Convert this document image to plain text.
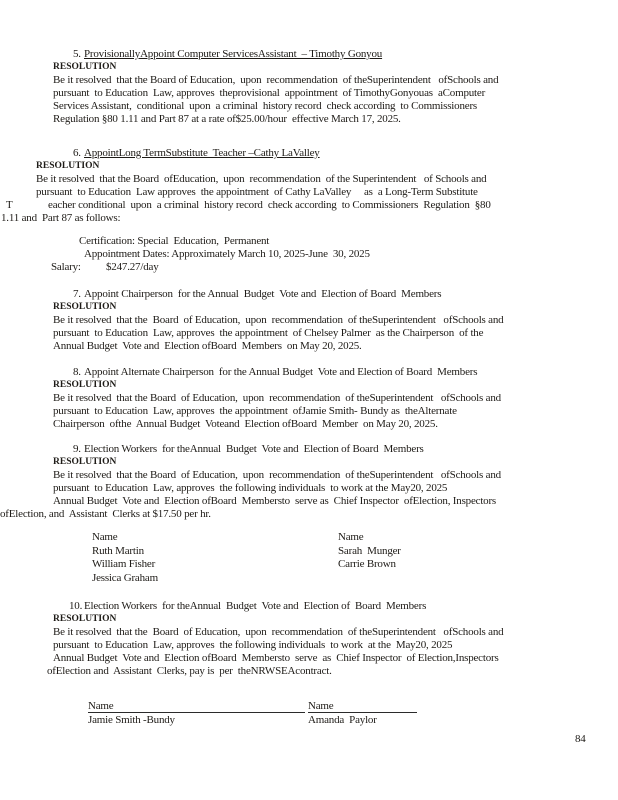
5. ProvisionallyAppoint Computer ServicesAssistant  – Timothy Gonyou
RESOLUTION
Be it resolved  that the Board of Education,  upon  recommendation  of theSuperintendent   ofSchools and
pursuant  to Education  Law, approves  theprovisional  appointment  of TimothyGonyouas  aComputer
Services Assistant,  conditional  upon  a criminal  history record  check according  to Commissioners
Regulation §80 1.11 and Part 87 at a rate of$25.00/hour  effective March 17, 2025.
6. AppointLong TermSubstitute  Teacher –Cathy LaValley
RESOLUTION
Be it resolved  that the Board  ofEducation,  upon  recommendation  of the Superintendent   of Schools and
pursuant  to Education  Law approves  the appointment  of Cathy LaValley     as  a Long-Term Substitute
T              eacher conditional  upon  a criminal  history record  check according  to Commissioners  Regulation  §80
1.11 and  Part 87 as follows:
Certification: Special  Education,  Permanent
Appointment Dates: Approximately March 10, 2025-June  30, 2025
Salary: $247.27/day
7. Appoint Chairperson  for the Annual  Budget  Vote and  Election of Board  Members
RESOLUTION
Be it resolved  that the  Board  of Education,  upon  recommendation  of theSuperintendent   ofSchools and
pursuant  to Education  Law, approves  the appointment  of Chelsey Palmer  as the Chairperson  of the
Annual Budget  Vote and  Election ofBoard  Members  on May 20, 2025.
8. Appoint Alternate Chairperson  for the Annual Budget  Vote and Election of Board  Members
RESOLUTION
Be it resolved  that the Board  of Education,  upon  recommendation  of theSuperintendent   ofSchools and
pursuant  to Education  Law, approves  the appointment  ofJamie Smith- Bundy as  theAlternate
Chairperson  ofthe  Annual Budget  Voteand  Election ofBoard  Member  on May 20, 2025.
9. Election Workers  for theAnnual  Budget  Vote and  Election of Board  Members
RESOLUTION
Be it resolved  that the Board  of Education,  upon  recommendation  of theSuperintendent   ofSchools and
pursuant  to Education  Law, approves  the following individuals  to work at the May20, 2025
Annual Budget  Vote and  Election ofBoard  Membersto  serve as  Chief Inspector  ofElection, Inspectors
ofElection, and  Assistant  Clerks at $17.50 per hr.
Name
Ruth Martin
William Fisher
Jessica Graham
Name
Sarah  Munger
Carrie Brown
10. Election Workers  for theAnnual  Budget  Vote and  Election of  Board  Members
RESOLUTION
Be it resolved  that the  Board  of Education,  upon  recommendation  of theSuperintendent   ofSchools and
pursuant  to Education  Law, approves  the following individuals  to work  at the  May20, 2025
Annual Budget  Vote and  Election ofBoard  Membersto  serve  as  Chief Inspector  of Election,Inspectors
ofElection and  Assistant  Clerks, pay is  per  theNRWSEAcontract.
Name
Jamie Smith -Bundy
Name
Amanda  Paylor
84
